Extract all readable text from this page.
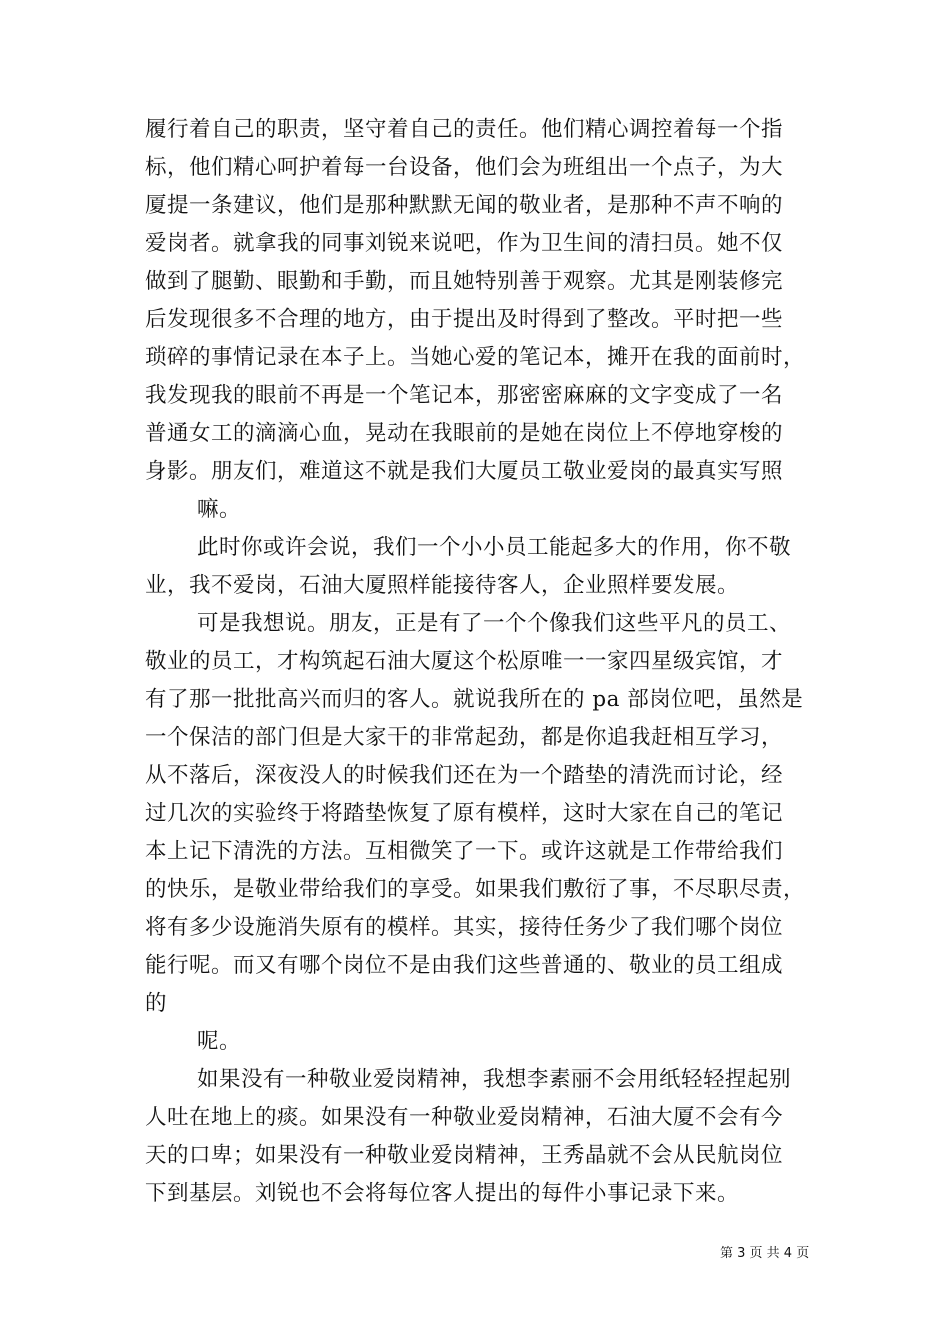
履行着自己的职责，坚守着自己的责任。他们精心调控着每一个指
标，他们精心呵护着每一台设备，他们会为班组出一个点子，为大
厦提一条建议，他们是那种默默无闻的敬业者，是那种不声不响的
爱岗者。就拿我的同事刘锐来说吧，作为卫生间的清扫员。她不仅
做到了腿勤、眼勤和手勤，而且她特别善于观察。尤其是刚装修完
后发现很多不合理的地方，由于提出及时得到了整改。平时把一些
琐碎的事情记录在本子上。当她心爱的笔记本，摊开在我的面前时，
我发现我的眼前不再是一个笔记本，那密密麻麻的文字变成了一名
普通女工的滴滴心血，晃动在我眼前的是她在岗位上不停地穿梭的
身影。朋友们，难道这不就是我们大厦员工敬业爱岗的最真实写照
嘛。
此时你或许会说，我们一个小小员工能起多大的作用，你不敬
业，我不爱岗，石油大厦照样能接待客人，企业照样要发展。
可是我想说。朋友，正是有了一个个像我们这些平凡的员工、
敬业的员工，才构筑起石油大厦这个松原唯一一家四星级宾馆，才
有了那一批批高兴而归的客人。就说我所在的 pa 部岗位吧，虽然是
一个保洁的部门但是大家干的非常起劲，都是你追我赶相互学习，
从不落后，深夜没人的时候我们还在为一个踏垫的清洗而讨论，经
过几次的实验终于将踏垫恢复了原有模样，这时大家在自己的笔记
本上记下清洗的方法。互相微笑了一下。或许这就是工作带给我们
的快乐，是敬业带给我们的享受。如果我们敷衍了事，不尽职尽责，
将有多少设施消失原有的模样。其实，接待任务少了我们哪个岗位
能行呢。而又有哪个岗位不是由我们这些普通的、敬业的员工组成
的
呢。
如果没有一种敬业爱岗精神，我想李素丽不会用纸轻轻捏起别
人吐在地上的痰。如果没有一种敬业爱岗精神，石油大厦不会有今
天的口卑；如果没有一种敬业爱岗精神，王秀晶就不会从民航岗位
下到基层。刘锐也不会将每位客人提出的每件小事记录下来。
第 3 页 共 4 页
